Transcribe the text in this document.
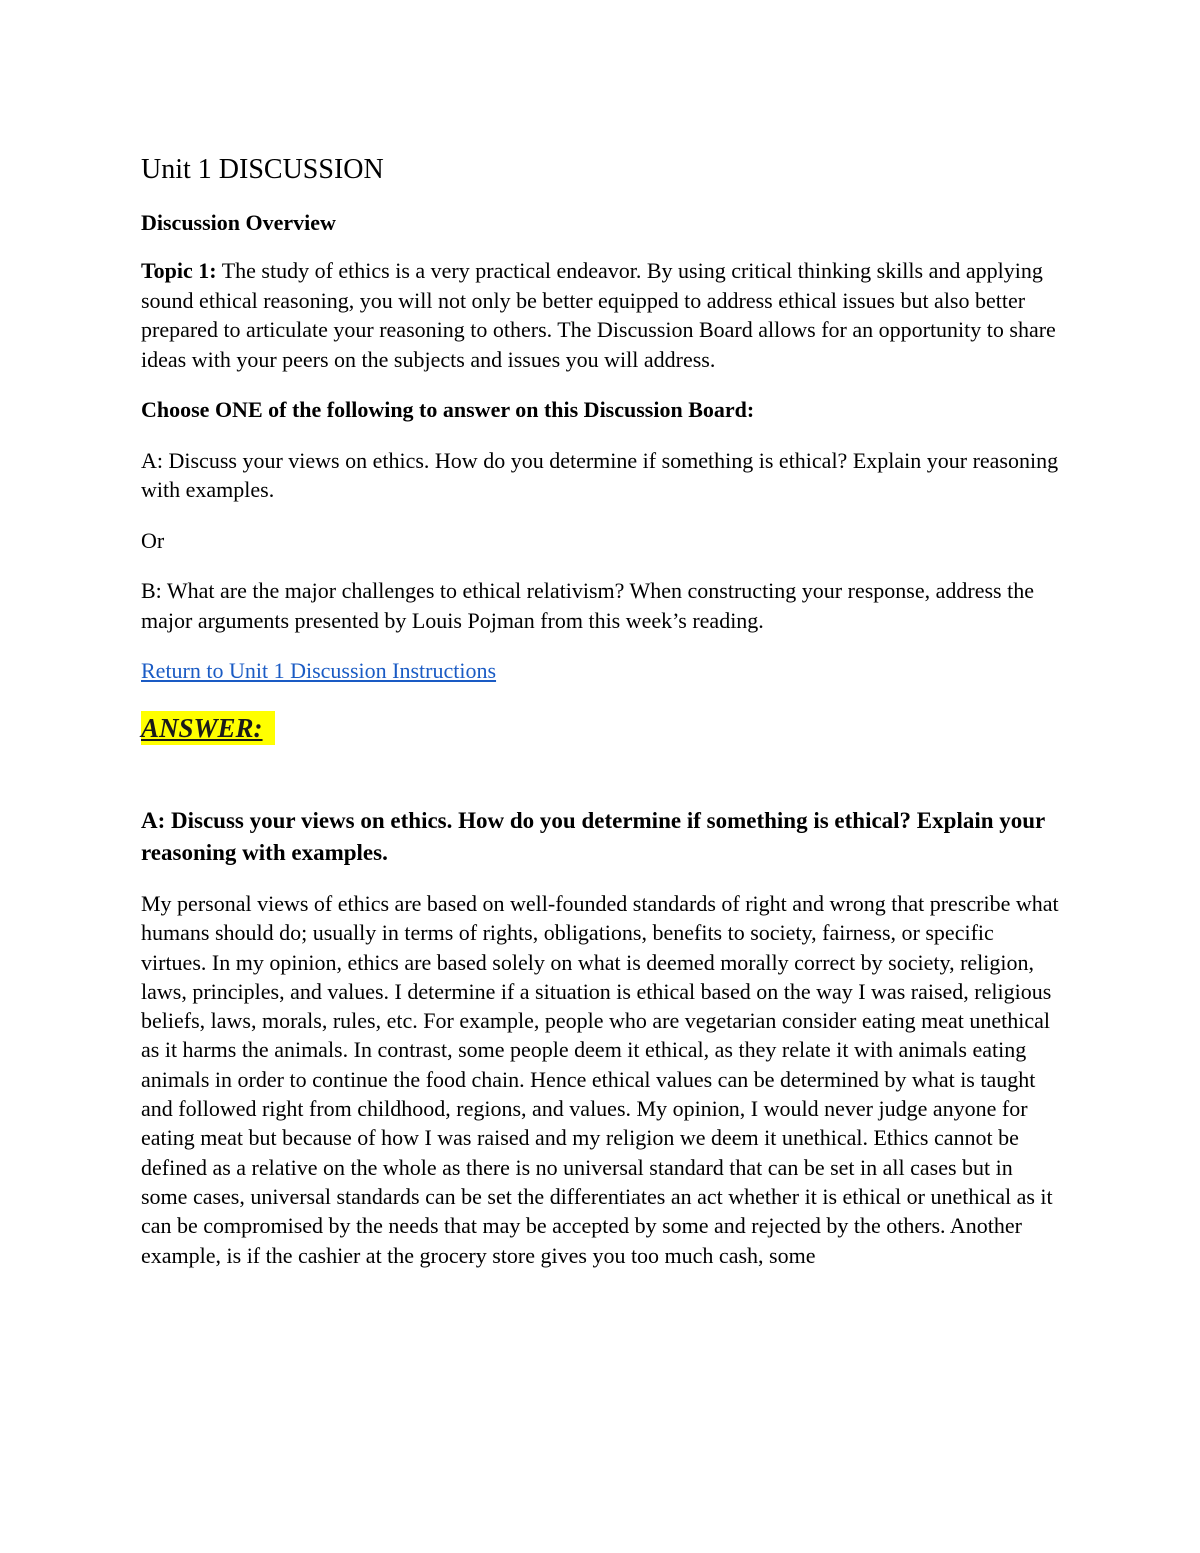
Unit 1 DISCUSSION
Discussion Overview

Topic 1: The study of ethics is a very practical endeavor. By using critical thinking skills and applying sound ethical reasoning, you will not only be better equipped to address ethical issues but also better prepared to articulate your reasoning to others. The Discussion Board allows for an opportunity to share ideas with your peers on the subjects and issues you will address.

Choose ONE of the following to answer on this Discussion Board:

A: Discuss your views on ethics. How do you determine if something is ethical? Explain your reasoning with examples.

Or

B: What are the major challenges to ethical relativism? When constructing your response, address the major arguments presented by Louis Pojman from this week’s reading.

Return to Unit 1 Discussion Instructions
ANSWER:
A: Discuss your views on ethics. How do you determine if something is ethical? Explain your reasoning with examples.

My personal views of ethics are based on well-founded standards of right and wrong that prescribe what humans should do; usually in terms of rights, obligations, benefits to society, fairness, or specific virtues. In my opinion, ethics are based solely on what is deemed morally correct by society, religion, laws, principles, and values. I determine if a situation is ethical based on the way I was raised, religious beliefs, laws, morals, rules, etc. For example, people who are vegetarian consider eating meat unethical as it harms the animals. In contrast, some people deem it ethical, as they relate it with animals eating animals in order to continue the food chain. Hence ethical values can be determined by what is taught and followed right from childhood, regions, and values. My opinion, I would never judge anyone for eating meat but because of how I was raised and my religion we deem it unethical. Ethics cannot be defined as a relative on the whole as there is no universal standard that can be set in all cases but in some cases, universal standards can be set the differentiates an act whether it is ethical or unethical as it can be compromised by the needs that may be accepted by some and rejected by the others. Another example, is if the cashier at the grocery store gives you too much cash, some
